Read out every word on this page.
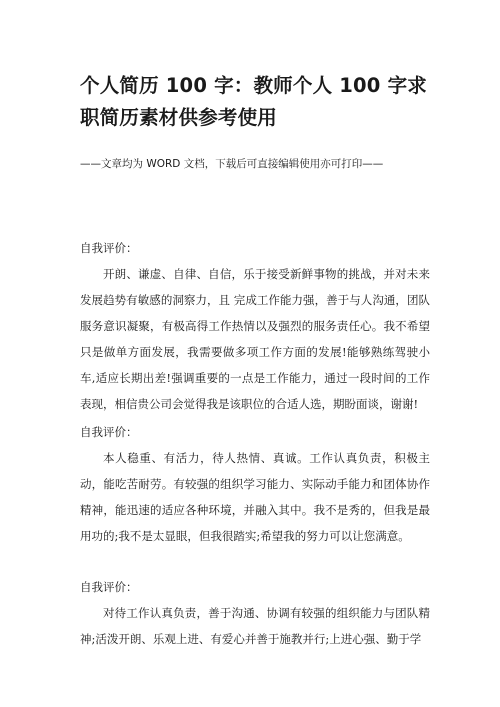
个人简历 100 字：教师个人 100 字求职简历素材供参考使用
——文章均为 WORD 文档，下载后可直接编辑使用亦可打印——
自我评价：

开朗、谦虚、自律、自信，乐于接受新鲜事物的挑战，并对未来发展趋势有敏感的洞察力，且 完成工作能力强，善于与人沟通，团队服务意识凝聚，有极高得工作热情以及强烈的服务责任心。我不希望只是做单方面发展，我需要做多项工作方面的发展!能够熟练驾驶小车,适应长期出差!强调重要的一点是工作能力，通过一段时间的工作表现，相信贵公司会觉得我是该职位的合适人选，期盼面谈，谢谢!

自我评价：

本人稳重、有活力，待人热情、真诚。工作认真负责，积极主动，能吃苦耐劳。有较强的组织学习能力、实际动手能力和团体协作精神，能迅速的适应各种环境，并融入其中。我不是秀的，但我是最用功的;我不是太显眼，但我很踏实;希望我的努力可以让您满意。

自我评价：

对待工作认真负责，善于沟通、协调有较强的组织能力与团队精神;活泼开朗、乐观上进、有爱心并善于施教并行;上进心强、勤于学
